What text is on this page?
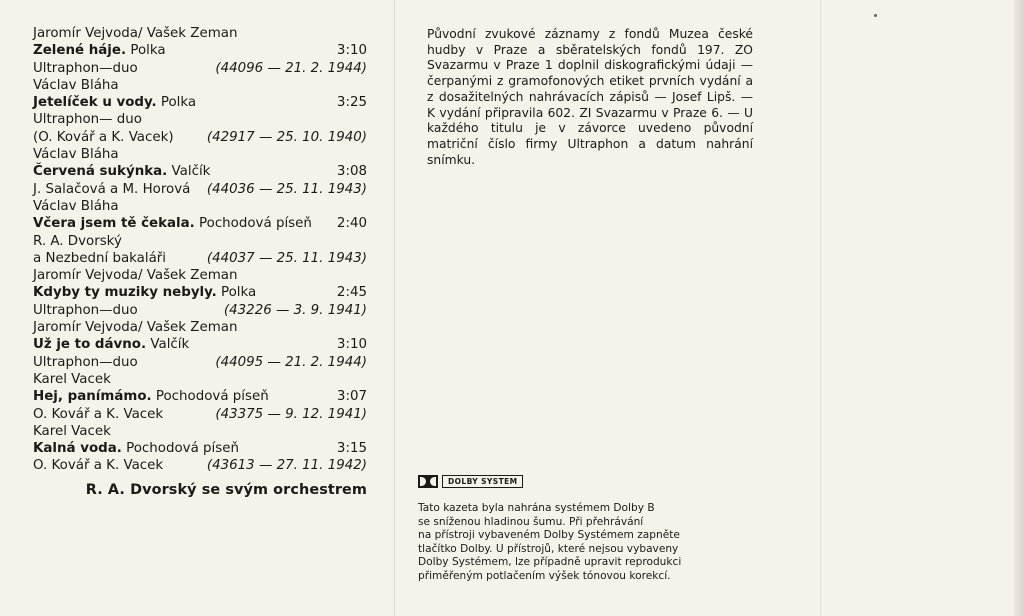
Jaromír Vejvoda/ Vašek Zeman
Zelené háje. Polka	3:10
Ultraphon—duo	(44096 — 21. 2. 1944)
Václav Bláha
Jetelíček u vody. Polka	3:25
Ultraphon— duo
(O. Kovář a K. Vacek) (42917 — 25. 10. 1940)
Václav Bláha
Červená sukýnka. Valčík	3:08
J. Salačová a M. Horová (44036 — 25. 11. 1943)
Václav Bláha
Včera jsem tě čekala. Pochodová píseň 2:40
R. A. Dvorský
a Nezbední bakaláři	(44037 — 25. 11. 1943)
Jaromír Vejvoda/ Vašek Zeman
Kdyby ty muziky nebyly. Polka	2:45
Ultraphon—duo	(43226 — 3. 9. 1941)
Jaromír Vejvoda/ Vašek Zeman
Už je to dávno. Valčík	3:10
Ultraphon—duo	(44095 — 21. 2. 1944)
Karel Vacek
Hej, panímámo. Pochodová píseň	3:07
O. Kovář a K. Vacek	(43375 — 9. 12. 1941)
Karel Vacek
Kalná voda. Pochodová píseň	3:15
O. Kovář a K. Vacek	(43613 — 27. 11. 1942)
R. A. Dvorský se svým orchestrem
Původní zvukové záznamy z fondů Muzea české hudby v Praze a sběratelských fondů 197. ZO Svazarmu v Praze 1 doplnil diskografickými údaji — čerpanými z gramofonových etiket prvních vydání a z dosažitelných nahrávacích zápisů — Josef Lipš. — K vydání připravila 602. ZI Svazarmu v Praze 6. — U každého titulu je v závorce uvedeno původní matriční číslo firmy Ultraphon a datum nahrání snímku.
DOLBY SYSTEM
Tato kazeta byla nahrána systémem Dolby B
se sníženou hladinou šumu. Při přehrávání
na přístroji vybaveném Dolby Systémem zapněte
tlačítko Dolby. U přístrojů, které nejsou vybaveny
Dolby Systémem, lze případně upravit reprodukci
přiměřeným potlačením výšek tónovou korekcí.
